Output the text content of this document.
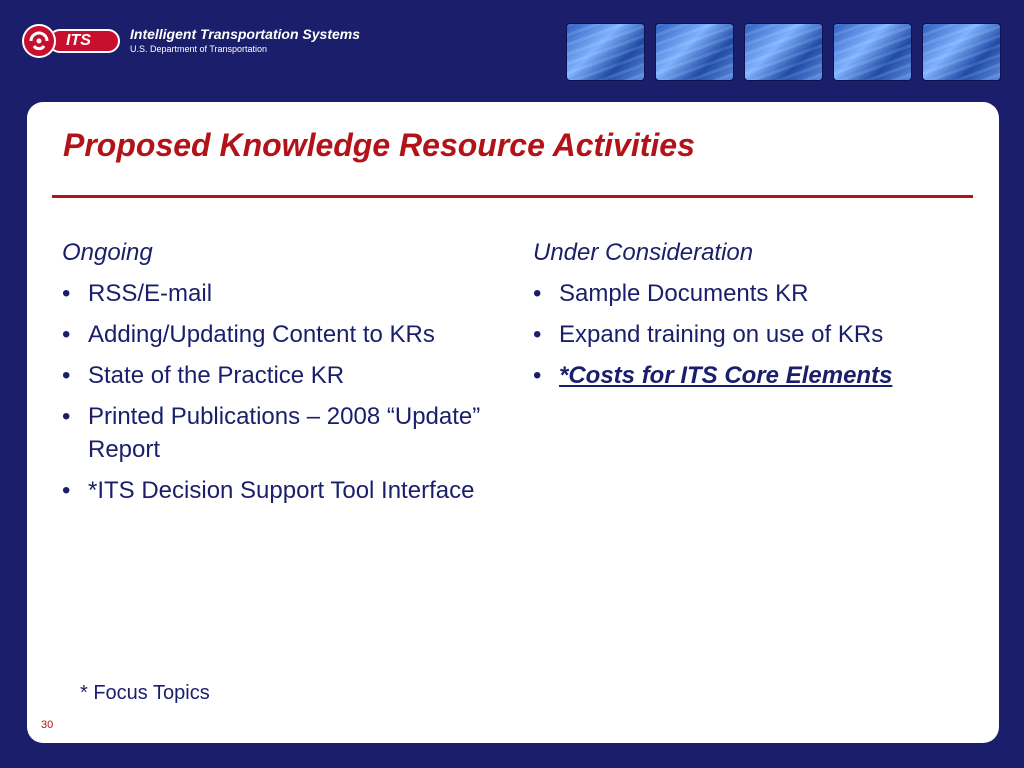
ITS	Intelligent Transportation Systems
U.S. Department of Transportation
Proposed Knowledge Resource Activities
Ongoing
• RSS/E-mail
• Adding/Updating Content to KRs
• State of the Practice KR
• Printed Publications – 2008 “Update” Report
• *ITS Decision Support Tool Interface
Under Consideration
• Sample Documents KR
• Expand training on use of KRs
• *Costs for ITS Core Elements
* Focus Topics
30
